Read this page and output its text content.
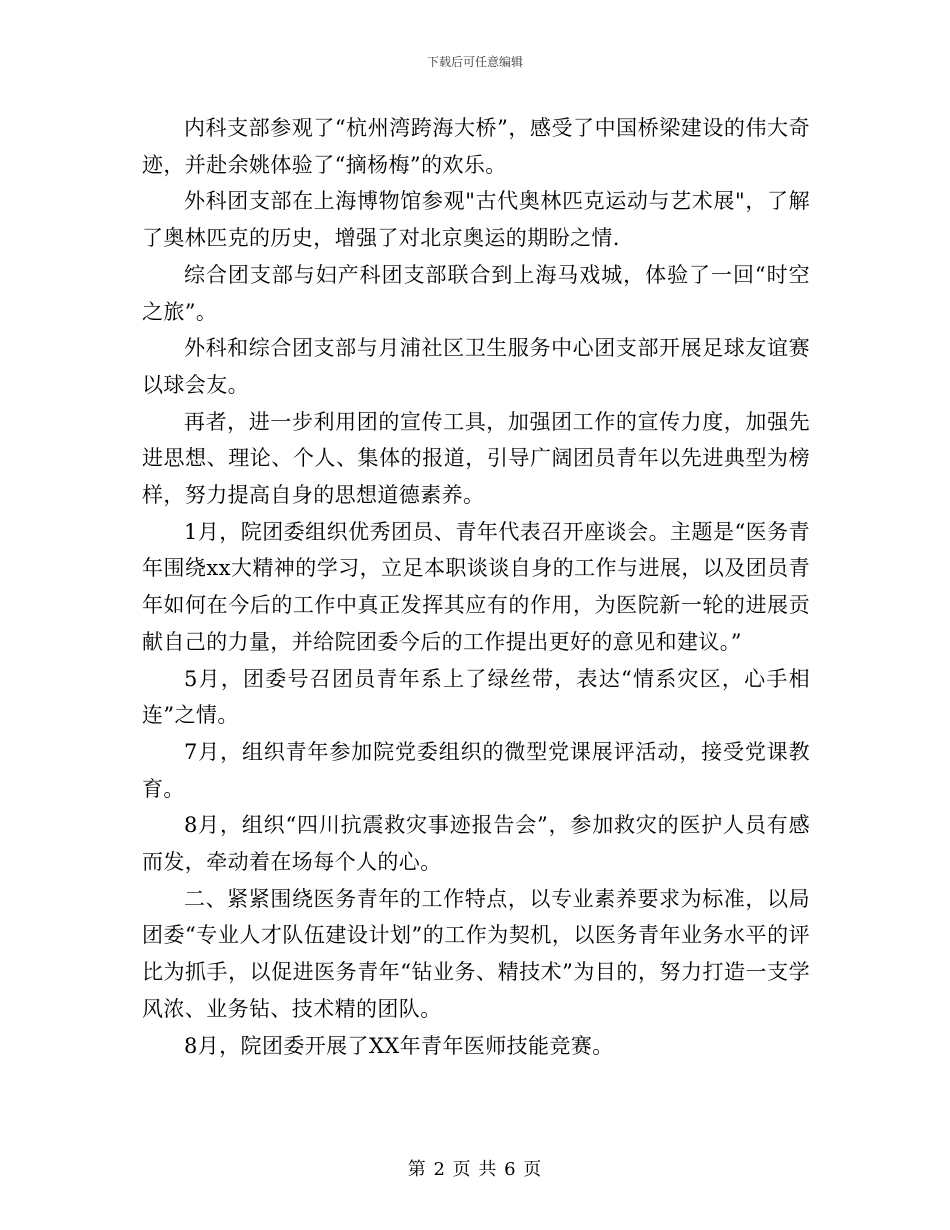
下载后可任意编辑

内科支部参观了“杭州湾跨海大桥”，感受了中国桥梁建设的伟大奇迹，并赴余姚体验了“摘杨梅”的欢乐。

外科团支部在上海博物馆参观"古代奥林匹克运动与艺术展"，了解了奥林匹克的历史，增强了对北京奥运的期盼之情.

综合团支部与妇产科团支部联合到上海马戏城，体验了一回“时空之旅”。

外科和综合团支部与月浦社区卫生服务中心团支部开展足球友谊赛以球会友。

再者，进一步利用团的宣传工具，加强团工作的宣传力度，加强先进思想、理论、个人、集体的报道，引导广阔团员青年以先进典型为榜样，努力提高自身的思想道德素养。

1月，院团委组织优秀团员、青年代表召开座谈会。主题是“医务青年围绕xx大精神的学习，立足本职谈谈自身的工作与进展，以及团员青年如何在今后的工作中真正发挥其应有的作用，为医院新一轮的进展贡献自己的力量，并给院团委今后的工作提出更好的意见和建议。”

5月，团委号召团员青年系上了绿丝带，表达“情系灾区，心手相连”之情。

7月，组织青年参加院党委组织的微型党课展评活动，接受党课教育。

8月，组织“四川抗震救灾事迹报告会”，参加救灾的医护人员有感而发，牵动着在场每个人的心。

二、紧紧围绕医务青年的工作特点，以专业素养要求为标准，以局团委“专业人才队伍建设计划”的工作为契机，以医务青年业务水平的评比为抓手，以促进医务青年“钻业务、精技术”为目的，努力打造一支学风浓、业务钻、技术精的团队。

8月，院团委开展了XX年青年医师技能竞赛。

第 2 页 共 6 页
